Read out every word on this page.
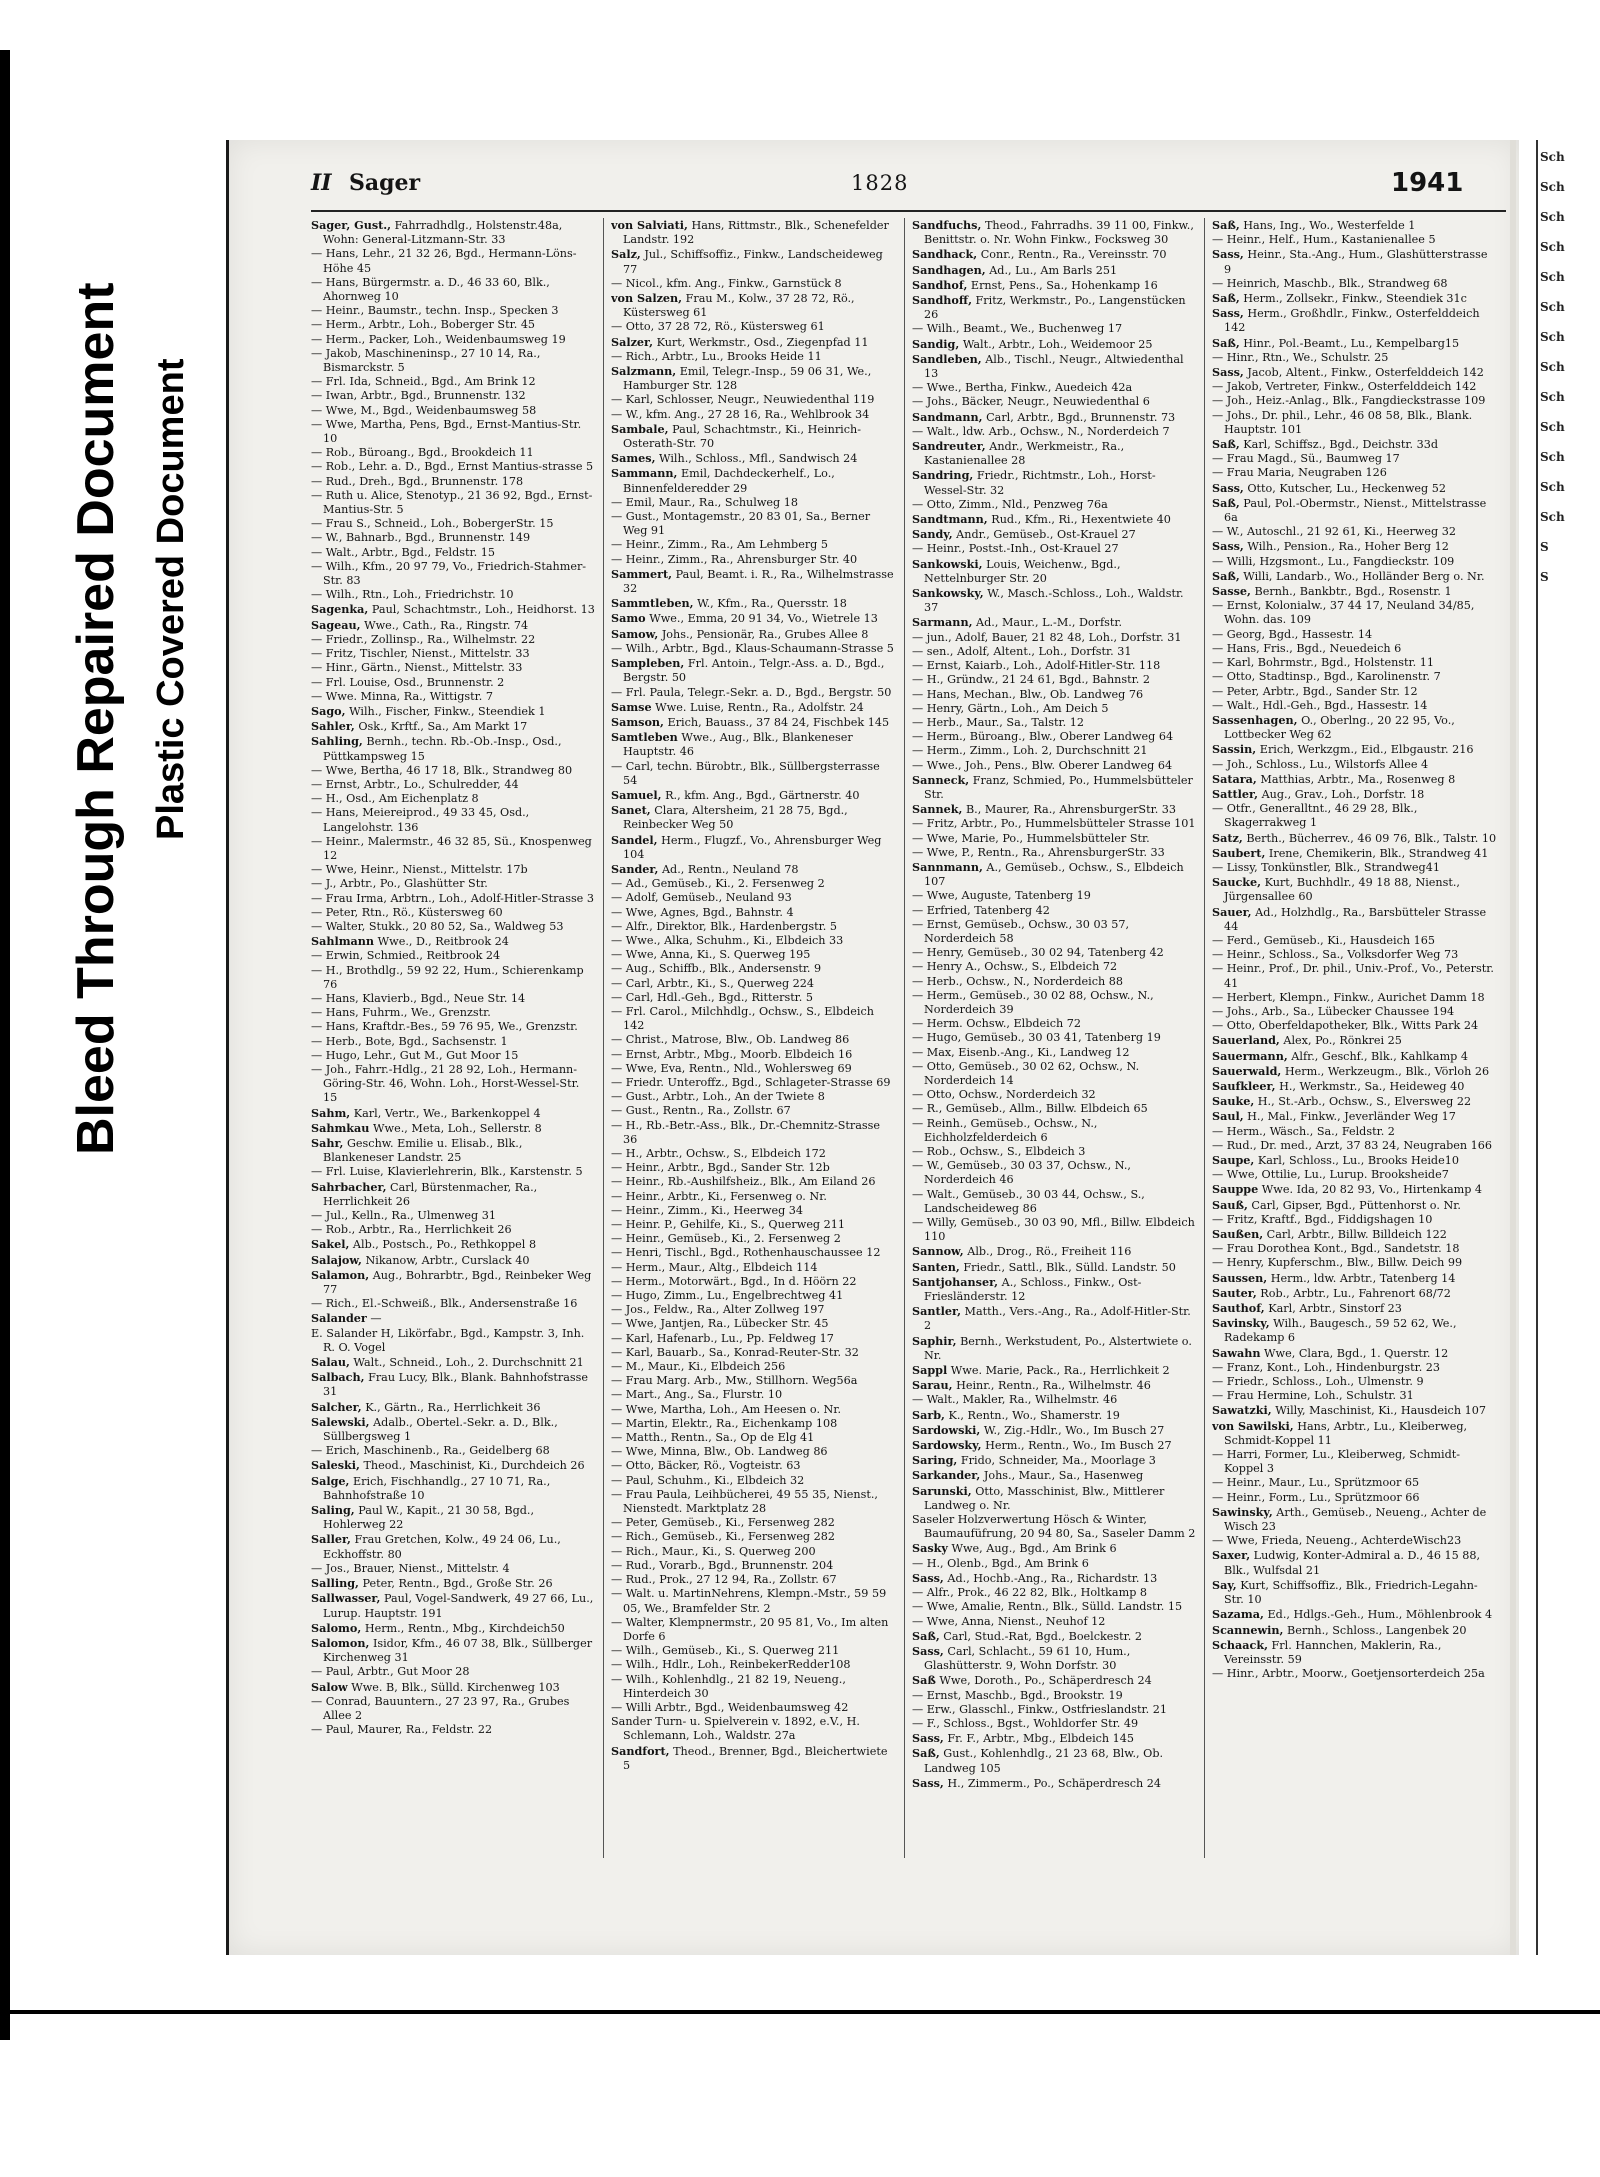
Bleed Through Repaired Document Plastic Covered Document
II Sager	1828	1941
Sager, Gust., Fahrradhdlg., Holstenstr.48a, Wohn: General-Litzmann-Str. 33
— Hans, Lehr., 21 32 26, Bgd., Hermann-Löns-Höhe 45
— Hans, Bürgermstr. a. D., 46 33 60, Blk., Ahornweg 10
— Heinr., Baumstr., techn. Insp., Specken 3
— Herm., Arbtr., Loh., Boberger Str. 45
— Herm., Packer, Loh., Weidenbaumsweg 19
— Jakob, Maschineninsp., 27 10 14, Ra., Bismarckstr. 5
— Frl. Ida, Schneid., Bgd., Am Brink 12
— Iwan, Arbtr., Bgd., Brunnenstr. 132
— Wwe, M., Bgd., Weidenbaumsweg 58
— Wwe, Martha, Pens, Bgd., Ernst-Mantius-Str. 10
— Rob., Büroang., Bgd., Brookdeich 11
— Rob., Lehr. a. D., Bgd., Ernst Mantius-strasse 5
— Rud., Dreh., Bgd., Brunnenstr. 178
— Ruth u. Alice, Stenotyp., 21 36 92, Bgd., Ernst-Mantius-Str. 5
— Frau S., Schneid., Loh., BobergerStr. 15
— W., Bahnarb., Bgd., Brunnenstr. 149
— Walt., Arbtr., Bgd., Feldstr. 15
— Wilh., Kfm., 20 97 79, Vo., Friedrich-Stahmer-Str. 83
— Wilh., Rtn., Loh., Friedrichstr. 10
Sagenka, Paul, Schachtmstr., Loh., Heidhorst. 13
Sageau, Wwe., Cath., Ra., Ringstr. 74
— Friedr., Zollinsp., Ra., Wilhelmstr. 22
— Fritz, Tischler, Nienst., Mittelstr. 33
— Hinr., Gärtn., Nienst., Mittelstr. 33
— Frl. Louise, Osd., Brunnenstr. 2
— Wwe. Minna, Ra., Wittigstr. 7
Sago, Wilh., Fischer, Finkw., Steendiek 1
Sahler, Osk., Krftf., Sa., Am Markt 17
Sahling, Bernh., techn. Rb.-Ob.-Insp., Osd., Püttkampsweg 15
— Wwe, Bertha, 46 17 18, Blk., Strandweg 80
— Ernst, Arbtr., Lo., Schulredder, 44
— H., Osd., Am Eichenplatz 8
— Hans, Meiereiprod., 49 33 45, Osd., Langelohstr. 136
— Heinr., Malermstr., 46 32 85, Sü., Knospenweg 12
— Wwe, Heinr., Nienst., Mittelstr. 17b
— J., Arbtr., Po., Glashütter Str.
— Frau Irma, Arbtrn., Loh., Adolf-Hitler-Strasse 3
— Peter, Rtn., Rö., Küstersweg 60
— Walter, Stukk., 20 80 52, Sa., Waldweg 53
Sahlmann Wwe., D., Reitbrook 24
— Erwin, Schmied., Reitbrook 24
— H., Brothdlg., 59 92 22, Hum., Schierenkamp 76
— Hans, Klavierb., Bgd., Neue Str. 14
— Hans, Fuhrm., We., Grenzstr.
— Hans, Kraftdr.-Bes., 59 76 95, We., Grenzstr.
— Herb., Bote, Bgd., Sachsenstr. 1
— Hugo, Lehr., Gut M., Gut Moor 15
— Joh., Fahrr.-Hdlg., 21 28 92, Loh., Hermann-Göring-Str. 46, Wohn. Loh., Horst-Wessel-Str. 15
Sahm, Karl, Vertr., We., Barkenkoppel 4
Sahmkau Wwe., Meta, Loh., Sellerstr. 8
Sahr, Geschw. Emilie u. Elisab., Blk., Blankeneser Landstr. 25
— Frl. Luise, Klavierlehrerin, Blk., Karstenstr. 5
Sahrbacher, Carl, Bürstenmacher, Ra., Herrlichkeit 26
— Jul., Kelln., Ra., Ulmenweg 31
— Rob., Arbtr., Ra., Herrlichkeit 26
Sakel, Alb., Postsch., Po., Rethkoppel 8
Salajow, Nikanow, Arbtr., Curslack 40
Salamon, Aug., Bohrarbtr., Bgd., Reinbeker Weg 77
— Rich., El.-Schweiß., Blk., Andersenstraße 16
Salander —
E. Salander H, Likörfabr., Bgd., Kampstr. 3, Inh. R. O. Vogel
Salau, Walt., Schneid., Loh., 2. Durchschnitt 21
Salbach, Frau Lucy, Blk., Blank. Bahnhofstrasse 31
Salcher, K., Gärtn., Ra., Herrlichkeit 36
Salewski, Adalb., Obertel.-Sekr. a. D., Blk., Süllbergsweg 1
— Erich, Maschinenb., Ra., Geidelberg 68
Saleski, Theod., Maschinist, Ki., Durchdeich 26
Salge, Erich, Fischhandlg., 27 10 71, Ra., Bahnhofstraße 10
Saling, Paul W., Kapit., 21 30 58, Bgd., Hohlerweg 22
Saller, Frau Gretchen, Kolw., 49 24 06, Lu., Eckhoffstr. 80
— Jos., Brauer, Nienst., Mittelstr. 4
Salling, Peter, Rentn., Bgd., Große Str. 26
Sallwasser, Paul, Vogel-Sandwerk, 49 27 66, Lu., Lurup. Hauptstr. 191
Salomo, Herm., Rentn., Mbg., Kirchdeich50
Salomon, Isidor, Kfm., 46 07 38, Blk., Süllberger Kirchenweg 31
— Paul, Arbtr., Gut Moor 28
Salow Wwe. B, Blk., Sülld. Kirchenweg 103
— Conrad, Bauuntern., 27 23 97, Ra., Grubes Allee 2
— Paul, Maurer, Ra., Feldstr. 22
von Salviati, Hans, Rittmstr., Blk., Schenefelder Landstr. 192
Salz, Jul., Schiffsoffiz., Finkw., Landscheideweg 77
— Nicol., kfm. Ang., Finkw., Garnstück 8
von Salzen, Frau M., Kolw., 37 28 72, Rö., Küstersweg 61
— Otto, 37 28 72, Rö., Küstersweg 61
Salzer, Kurt, Werkmstr., Osd., Ziegenpfad 11
— Rich., Arbtr., Lu., Brooks Heide 11
Salzmann, Emil, Telegr.-Insp., 59 06 31, We., Hamburger Str. 128
— Karl, Schlosser, Neugr., Neuwiedenthal 119
— W., kfm. Ang., 27 28 16, Ra., Wehlbrook 34
Sambale, Paul, Schachtmstr., Ki., Heinrich-Osterath-Str. 70
Sames, Wilh., Schloss., Mfl., Sandwisch 24
Sammann, Emil, Dachdeckerhelf., Lo., Binnenfelderedder 29
— Emil, Maur., Ra., Schulweg 18
— Gust., Montagemstr., 20 83 01, Sa., Berner Weg 91
— Heinr., Zimm., Ra., Am Lehmberg 5
— Heinr., Zimm., Ra., Ahrensburger Str. 40
Sammert, Paul, Beamt. i. R., Ra., Wilhelmstrasse 32
Sammtleben, W., Kfm., Ra., Quersstr. 18
Samo Wwe., Emma, 20 91 34, Vo., Wietrele 13
Samow, Johs., Pensionär, Ra., Grubes Allee 8
— Wilh., Arbtr., Bgd., Klaus-Schaumann-Strasse 5
Sampleben, Frl. Antoin., Telgr.-Ass. a. D., Bgd., Bergstr. 50
— Frl. Paula, Telegr.-Sekr. a. D., Bgd., Bergstr. 50
Samse Wwe. Luise, Rentn., Ra., Adolfstr. 24
Samson, Erich, Bauass., 37 84 24, Fischbek 145
Samtleben Wwe., Aug., Blk., Blankeneser Hauptstr. 46
— Carl, techn. Bürobtr., Blk., Süllbergsterrasse 54
Samuel, R., kfm. Ang., Bgd., Gärtnerstr. 40
Sanet, Clara, Altersheim, 21 28 75, Bgd., Reinbecker Weg 50
Sandel, Herm., Flugzf., Vo., Ahrensburger Weg 104
Sander, Ad., Rentn., Neuland 78
— Ad., Gemüseb., Ki., 2. Fersenweg 2
— Adolf, Gemüseb., Neuland 93
— Wwe, Agnes, Bgd., Bahnstr. 4
— Alfr., Direktor, Blk., Hardenbergstr. 5
— Wwe., Alka, Schuhm., Ki., Elbdeich 33
— Wwe, Anna, Ki., S. Querweg 195
— Aug., Schiffb., Blk., Andersenstr. 9
— Carl, Arbtr., Ki., S., Querweg 224
— Carl, Hdl.-Geh., Bgd., Ritterstr. 5
— Frl. Carol., Milchhdlg., Ochsw., S., Elbdeich 142
— Christ., Matrose, Blw., Ob. Landweg 86
— Ernst, Arbtr., Mbg., Moorb. Elbdeich 16
— Wwe, Eva, Rentn., Nld., Wohlersweg 69
— Friedr. Unteroffz., Bgd., Schlageter-Strasse 69
— Gust., Arbtr., Loh., An der Twiete 8
— Gust., Rentn., Ra., Zollstr. 67
— H., Rb.-Betr.-Ass., Blk., Dr.-Chemnitz-Strasse 36
— H., Arbtr., Ochsw., S., Elbdeich 172
— Heinr., Arbtr., Bgd., Sander Str. 12b
— Heinr., Rb.-Aushilfsheiz., Blk., Am Eiland 26
— Heinr., Arbtr., Ki., Fersenweg o. Nr.
— Heinr., Zimm., Ki., Heerweg 34
— Heinr. P., Gehilfe, Ki., S., Querweg 211
— Heinr., Gemüseb., Ki., 2. Fersenweg 2
— Henri, Tischl., Bgd., Rothenhauschaussee 12
— Herm., Maur., Altg., Elbdeich 114
— Herm., Motorwärt., Bgd., In d. Höörn 22
— Hugo, Zimm., Lu., Engelbrechtweg 41
— Jos., Feldw., Ra., Alter Zollweg 197
— Wwe, Jantjen, Ra., Lübecker Str. 45
— Karl, Hafenarb., Lu., Pp. Feldweg 17
— Karl, Bauarb., Sa., Konrad-Reuter-Str. 32
— M., Maur., Ki., Elbdeich 256
— Frau Marg. Arb., Mw., Stillhorn. Weg56a
— Mart., Ang., Sa., Flurstr. 10
— Wwe, Martha, Loh., Am Heesen o. Nr.
— Martin, Elektr., Ra., Eichenkamp 108
— Matth., Rentn., Sa., Op de Elg 41
— Wwe, Minna, Blw., Ob. Landweg 86
— Otto, Bäcker, Rö., Vogteistr. 63
— Paul, Schuhm., Ki., Elbdeich 32
— Frau Paula, Leihbücherei, 49 55 35, Nienst., Nienstedt. Marktplatz 28
— Peter, Gemüseb., Ki., Fersenweg 282
— Rich., Gemüseb., Ki., Fersenweg 282
— Rich., Maur., Ki., S. Querweg 200
— Rud., Vorarb., Bgd., Brunnenstr. 204
— Rud., Prok., 27 12 94, Ra., Zollstr. 67
— Walt. u. MartinNehrens, Klempn.-Mstr., 59 59 05, We., Bramfelder Str. 2
— Walter, Klempnermstr., 20 95 81, Vo., Im alten Dorfe 6
— Wilh., Gemüseb., Ki., S. Querweg 211
— Wilh., Hdlr., Loh., ReinbekerRedder108
— Wilh., Kohlenhdlg., 21 82 19, Neueng., Hinterdeich 30
— Willi Arbtr., Bgd., Weidenbaumsweg 42
Sander Turn- u. Spielverein v. 1892, e.V., H. Schlemann, Loh., Waldstr. 27a
Sandfort, Theod., Brenner, Bgd., Bleichertwiete 5
Sandfuchs, Theod., Fahrradhs. 39 11 00, Finkw., Benittstr. o. Nr. Wohn Finkw., Focksweg 30
Sandhack, Conr., Rentn., Ra., Vereinsstr. 70
Sandhagen, Ad., Lu., Am Barls 251
Sandhof, Ernst, Pens., Sa., Hohenkamp 16
Sandhoff, Fritz, Werkmstr., Po., Langenstücken 26
— Wilh., Beamt., We., Buchenweg 17
Sandig, Walt., Arbtr., Loh., Weidemoor 25
Sandleben, Alb., Tischl., Neugr., Altwiedenthal 13
— Wwe., Bertha, Finkw., Auedeich 42a
— Johs., Bäcker, Neugr., Neuwiedenthal 6
Sandmann, Carl, Arbtr., Bgd., Brunnenstr. 73
— Walt., ldw. Arb., Ochsw., N., Norderdeich 7
Sandreuter, Andr., Werkmeistr., Ra., Kastanienallee 28
Sandring, Friedr., Richtmstr., Loh., Horst-Wessel-Str. 32
— Otto, Zimm., Nld., Penzweg 76a
Sandtmann, Rud., Kfm., Ri., Hexentwiete 40
Sandy, Andr., Gemüseb., Ost-Krauel 27
— Heinr., Postst.-Inh., Ost-Krauel 27
Sankowski, Louis, Weichenw., Bgd., Nettelnburger Str. 20
Sankowsky, W., Masch.-Schloss., Loh., Waldstr. 37
Sarmann, Ad., Maur., L.-M., Dorfstr.
— jun., Adolf, Bauer, 21 82 48, Loh., Dorfstr. 31
— sen., Adolf, Altent., Loh., Dorfstr. 31
— Ernst, Kaiarb., Loh., Adolf-Hitler-Str. 118
— H., Gründw., 21 24 61, Bgd., Bahnstr. 2
— Hans, Mechan., Blw., Ob. Landweg 76
— Henry, Gärtn., Loh., Am Deich 5
— Herb., Maur., Sa., Talstr. 12
— Herm., Büroang., Blw., Oberer Landweg 64
— Herm., Zimm., Loh. 2, Durchschnitt 21
— Wwe., Joh., Pens., Blw. Oberer Landweg 64
Sanneck, Franz, Schmied, Po., Hummelsbütteler Str.
Sannek, B., Maurer, Ra., AhrensburgerStr. 33
— Fritz, Arbtr., Po., Hummelsbütteler Strasse 101
— Wwe, Marie, Po., Hummelsbütteler Str.
— Wwe, P., Rentn., Ra., AhrensburgerStr. 33
Sannmann, A., Gemüseb., Ochsw., S., Elbdeich 107
— Wwe, Auguste, Tatenberg 19
— Erfried, Tatenberg 42
— Ernst, Gemüseb., Ochsw., 30 03 57, Norderdeich 58
— Henry, Gemüseb., 30 02 94, Tatenberg 42
— Henry A., Ochsw., S., Elbdeich 72
— Herb., Ochsw., N., Norderdeich 88
— Herm., Gemüseb., 30 02 88, Ochsw., N., Norderdeich 39
— Herm. Ochsw., Elbdeich 72
— Hugo, Gemüseb., 30 03 41, Tatenberg 19
— Max, Eisenb.-Ang., Ki., Landweg 12
— Otto, Gemüseb., 30 02 62, Ochsw., N. Norderdeich 14
— Otto, Ochsw., Norderdeich 32
— R., Gemüseb., Allm., Billw. Elbdeich 65
— Reinh., Gemüseb., Ochsw., N., Eichholzfelderdeich 6
— Rob., Ochsw., S., Elbdeich 3
— W., Gemüseb., 30 03 37, Ochsw., N., Norderdeich 46
— Walt., Gemüseb., 30 03 44, Ochsw., S., Landscheideweg 86
— Willy, Gemüseb., 30 03 90, Mfl., Billw. Elbdeich 110
Sannow, Alb., Drog., Rö., Freiheit 116
Santen, Friedr., Sattl., Blk., Sülld. Landstr. 50
Santjohanser, A., Schloss., Finkw., Ost-Friesländerstr. 12
Santler, Matth., Vers.-Ang., Ra., Adolf-Hitler-Str. 2
Saphir, Bernh., Werkstudent, Po., Alstertwiete o. Nr.
Sappl Wwe. Marie, Pack., Ra., Herrlichkeit 2
Sarau, Heinr., Rentn., Ra., Wilhelmstr. 46
— Walt., Makler, Ra., Wilhelmstr. 46
Sarb, K., Rentn., Wo., Shamerstr. 19
Sardowski, W., Zig.-Hdlr., Wo., Im Busch 27
Sardowsky, Herm., Rentn., Wo., Im Busch 27
Saring, Frido, Schneider, Ma., Moorlage 3
Sarkander, Johs., Maur., Sa., Hasenweg
Sarunski, Otto, Masschinist, Blw., Mittlerer Landweg o. Nr.
Saseler Holzverwertung Hösch & Winter, Baumaufüfrung, 20 94 80, Sa., Saseler Damm 2
Sasky Wwe, Aug., Bgd., Am Brink 6
— H., Olenb., Bgd., Am Brink 6
Sass, Ad., Hochb.-Ang., Ra., Richardstr. 13
— Alfr., Prok., 46 22 82, Blk., Holtkamp 8
— Wwe, Amalie, Rentn., Blk., Sülld. Landstr. 15
— Wwe, Anna, Nienst., Neuhof 12
Saß, Carl, Stud.-Rat, Bgd., Boelckestr. 2
Sass, Carl, Schlacht., 59 61 10, Hum., Glashütterstr. 9, Wohn Dorfstr. 30
Saß Wwe, Doroth., Po., Schäperdresch 24
— Ernst, Maschb., Bgd., Brookstr. 19
— Erw., Glasschl., Finkw., Ostfrieslandstr. 21
— F., Schloss., Bgst., Wohldorfer Str. 49
Sass, Fr. F., Arbtr., Mbg., Elbdeich 145
Saß, Gust., Kohlenhdlg., 21 23 68, Blw., Ob. Landweg 105
Sass, H., Zimmerm., Po., Schäperdresch 24
Saß, Hans, Ing., Wo., Westerfelde 1
— Heinr., Helf., Hum., Kastanienallee 5
Sass, Heinr., Sta.-Ang., Hum., Glashütterstrasse 9
— Heinrich, Maschb., Blk., Strandweg 68
Saß, Herm., Zollsekr., Finkw., Steendiek 31c
Sass, Herm., Großhdlr., Finkw., Osterfelddeich 142
Saß, Hinr., Pol.-Beamt., Lu., Kempelbarg15
— Hinr., Rtn., We., Schulstr. 25
Sass, Jacob, Altent., Finkw., Osterfelddeich 142
— Jakob, Vertreter, Finkw., Osterfelddeich 142
— Joh., Heiz.-Anlag., Blk., Fangdieckstrasse 109
— Johs., Dr. phil., Lehr., 46 08 58, Blk., Blank. Hauptstr. 101
Saß, Karl, Schiffsz., Bgd., Deichstr. 33d
— Frau Magd., Sü., Baumweg 17
— Frau Maria, Neugraben 126
Sass, Otto, Kutscher, Lu., Heckenweg 52
Saß, Paul, Pol.-Obermstr., Nienst., Mittelstrasse 6a
— W., Autoschl., 21 92 61, Ki., Heerweg 32
Sass, Wilh., Pension., Ra., Hoher Berg 12
— Willi, Hzgsmont., Lu., Fangdieckstr. 109
Saß, Willi, Landarb., Wo., Holländer Berg o. Nr.
Sasse, Bernh., Bankbtr., Bgd., Rosenstr. 1
— Ernst, Kolonialw., 37 44 17, Neuland 34/85, Wohn. das. 109
— Georg, Bgd., Hassestr. 14
— Hans, Fris., Bgd., Neuedeich 6
— Karl, Bohrmstr., Bgd., Holstenstr. 11
— Otto, Stadtinsp., Bgd., Karolinenstr. 7
— Peter, Arbtr., Bgd., Sander Str. 12
— Walt., Hdl.-Geh., Bgd., Hassestr. 14
Sassenhagen, O., Oberlng., 20 22 95, Vo., Lottbecker Weg 62
Sassin, Erich, Werkzgm., Eid., Elbgaustr. 216
— Joh., Schloss., Lu., Wilstorfs Allee 4
Satara, Matthias, Arbtr., Ma., Rosenweg 8
Sattler, Aug., Grav., Loh., Dorfstr. 18
— Otfr., Generalltnt., 46 29 28, Blk., Skagerrakweg 1
Satz, Berth., Bücherrev., 46 09 76, Blk., Talstr. 10
Saubert, Irene, Chemikerin, Blk., Strandweg 41
— Lissy, Tonkünstler, Blk., Strandweg41
Saucke, Kurt, Buchhdlr., 49 18 88, Nienst., Jürgensallee 60
Sauer, Ad., Holzhdlg., Ra., Barsbütteler Strasse 44
— Ferd., Gemüseb., Ki., Hausdeich 165
— Heinr., Schloss., Sa., Volksdorfer Weg 73
— Heinr., Prof., Dr. phil., Univ.-Prof., Vo., Peterstr. 41
— Herbert, Klempn., Finkw., Aurichet Damm 18
— Johs., Arb., Sa., Lübecker Chaussee 194
— Otto, Oberfeldapotheker, Blk., Witts Park 24
Sauerland, Alex, Po., Rönkrei 25
Sauermann, Alfr., Geschf., Blk., Kahlkamp 4
Sauerwald, Herm., Werkzeugm., Blk., Vörloh 26
Saufkleer, H., Werkmstr., Sa., Heideweg 40
Sauke, H., St.-Arb., Ochsw., S., Elversweg 22
Saul, H., Mal., Finkw., Jeverländer Weg 17
— Herm., Wäsch., Sa., Feldstr. 2
— Rud., Dr. med., Arzt, 37 83 24, Neugraben 166
Saupe, Karl, Schloss., Lu., Brooks Heide10
— Wwe, Ottilie, Lu., Lurup. Brooksheide7
Sauppe Wwe. Ida, 20 82 93, Vo., Hirtenkamp 4
Sauß, Carl, Gipser, Bgd., Püttenhorst o. Nr.
— Fritz, Kraftf., Bgd., Fiddigshagen 10
Saußen, Carl, Arbtr., Billw. Billdeich 122
— Frau Dorothea Kont., Bgd., Sandetstr. 18
— Henry, Kupferschm., Blw., Billw. Deich 99
Saussen, Herm., ldw. Arbtr., Tatenberg 14
Sauter, Rob., Arbtr., Lu., Fahrenort 68/72
Sauthof, Karl, Arbtr., Sinstorf 23
Savinsky, Wilh., Baugesch., 59 52 62, We., Radekamp 6
Sawahn Wwe, Clara, Bgd., 1. Querstr. 12
— Franz, Kont., Loh., Hindenburgstr. 23
— Friedr., Schloss., Loh., Ulmenstr. 9
— Frau Hermine, Loh., Schulstr. 31
Sawatzki, Willy, Maschinist, Ki., Hausdeich 107
von Sawilski, Hans, Arbtr., Lu., Kleiberweg, Schmidt-Koppel 11
— Harri, Former, Lu., Kleiberweg, Schmidt-Koppel 3
— Heinr., Maur., Lu., Sprützmoor 65
— Heinr., Form., Lu., Sprützmoor 66
Sawinsky, Arth., Gemüseb., Neueng., Achter de Wisch 23
— Wwe, Frieda, Neueng., AchterdeWisch23
Saxer, Ludwig, Konter-Admiral a. D., 46 15 88, Blk., Wulfsdal 21
Say, Kurt, Schiffsoffiz., Blk., Friedrich-Legahn-Str. 10
Sazama, Ed., Hdlgs.-Geh., Hum., Möhlenbrook 4
Scannewin, Bernh., Schloss., Langenbek 20
Schaack, Frl. Hannchen, Maklerin, Ra., Vereinsstr. 59
— Hinr., Arbtr., Moorw., Goetjensorterdeich 25a
Sch
Sch
Sch
Sch
Sch
Sch
Sch
Sch
Sch
Sch
Sch
Sch
Sch
S
S
